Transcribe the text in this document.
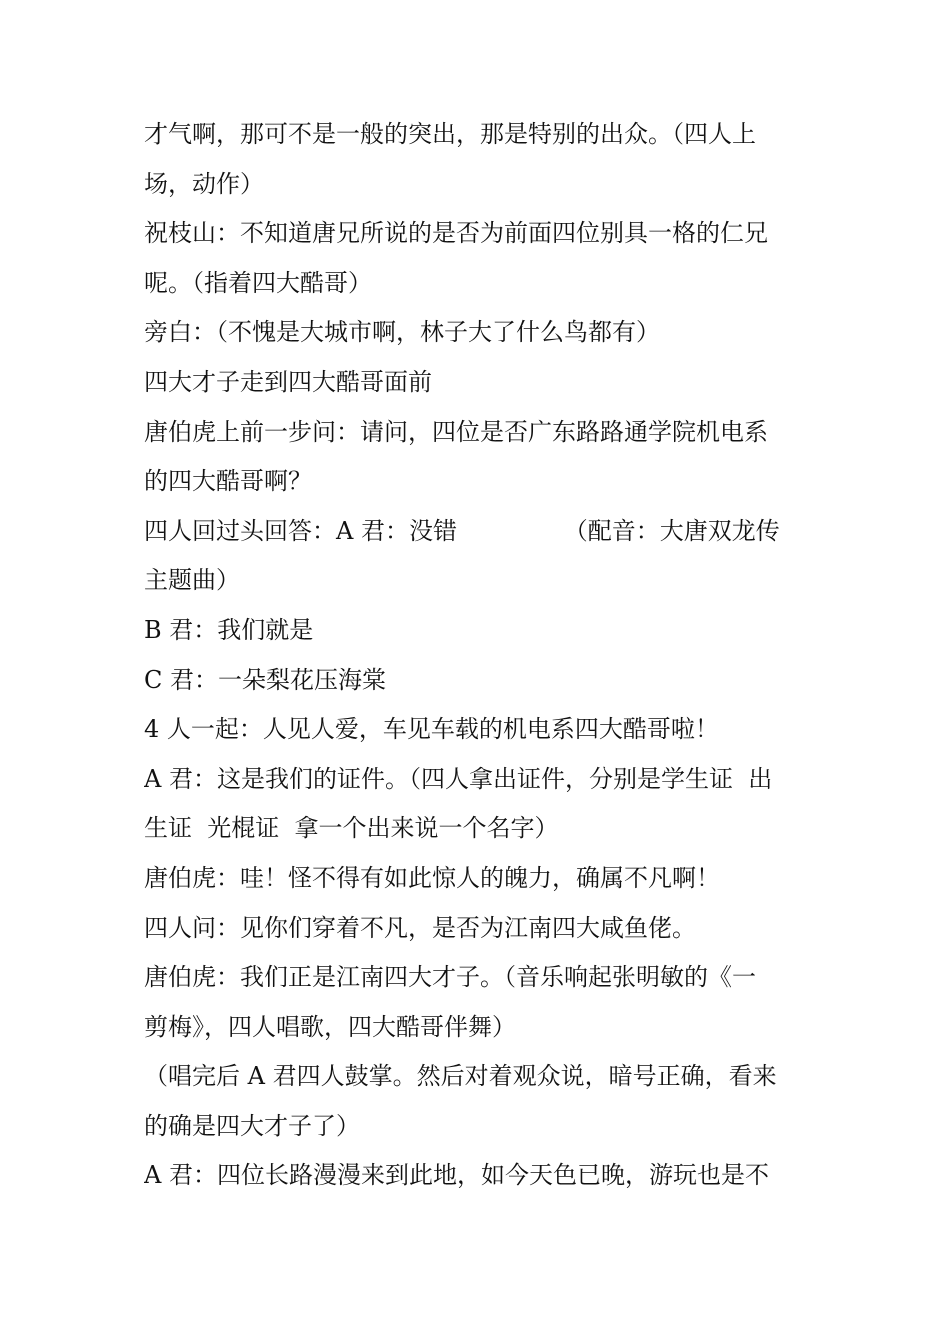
才气啊，那可不是一般的突出，那是特别的出众。（四人上
场，动作）
祝枝山：不知道唐兄所说的是否为前面四位别具一格的仁兄
呢。（指着四大酷哥）
旁白：（不愧是大城市啊，林子大了什么鸟都有）
四大才子走到四大酷哥面前
唐伯虎上前一步问：请问，四位是否广东路路通学院机电系
的四大酷哥啊？
四人回过头回答：A 君：没错              （配音：大唐双龙传
主题曲）
B 君：我们就是
C 君：一朵梨花压海棠
4 人一起：人见人爱，车见车载的机电系四大酷哥啦！
A 君：这是我们的证件。（四人拿出证件，分别是学生证  出
生证  光棍证  拿一个出来说一个名字）
唐伯虎：哇！怪不得有如此惊人的魄力，确属不凡啊！
四人问：见你们穿着不凡，是否为江南四大咸鱼佬。
唐伯虎：我们正是江南四大才子。（音乐响起张明敏的《一
剪梅》，四人唱歌，四大酷哥伴舞）
（唱完后 A 君四人鼓掌。然后对着观众说，暗号正确，看来
的确是四大才子了）
A 君：四位长路漫漫来到此地，如今天色已晚，游玩也是不
